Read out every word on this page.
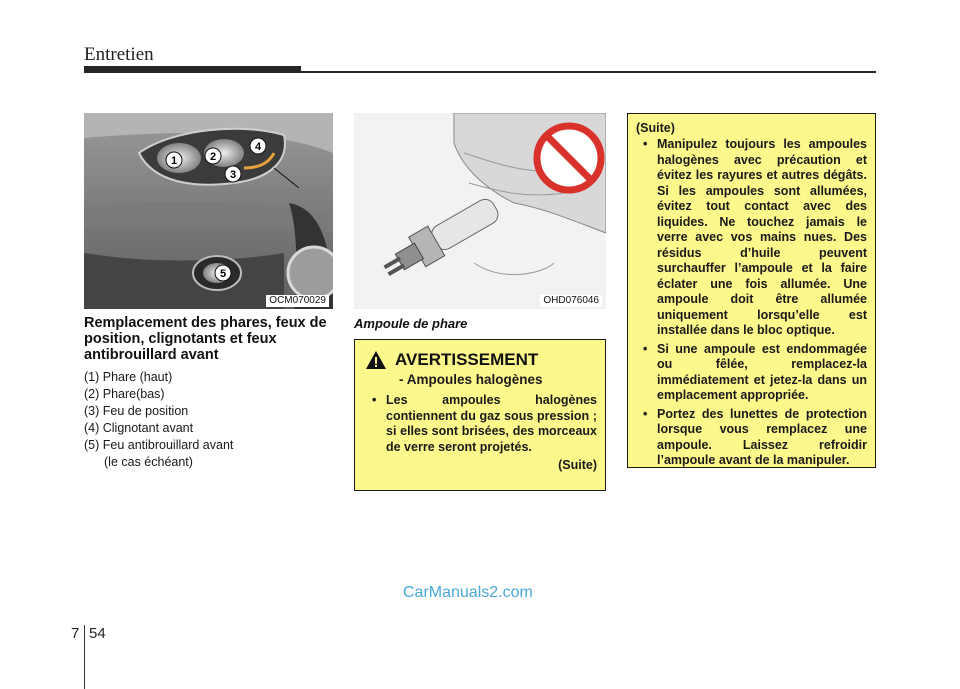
Entretien
1	2
3
4
5
OCM070029	OHD076046
Remplacement des phares, feux de position, clignotants et feux antibrouillard avant
(1) Phare (haut)
(2) Phare(bas)
(3) Feu de position
(4) Clignotant avant
(5) Feu antibrouillard avant
(le cas échéant)
Ampoule de phare
AVERTISSEMENT
- Ampoules halogènes
• Les ampoules halogènes contiennent du gaz sous pression ; si elles sont brisées, des morceaux de verre seront projetés.
(Suite)
(Suite)
• Manipulez toujours les ampoules halogènes avec précaution et évitez les rayures et autres dégâts. Si les ampoules sont allumées, évitez tout contact avec des liquides. Ne touchez jamais le verre avec vos mains nues. Des résidus d’huile peuvent surchauffer l’ampoule et la faire éclater une fois allumée. Une ampoule doit être allumée uniquement lorsqu’elle est installée dans le bloc optique.
• Si une ampoule est endommagée ou fêlée, remplacez-la immédiatement et jetez-la dans un emplacement appropriée.
• Portez des lunettes de protection lorsque vous remplacez une ampoule. Laissez refroidir l’ampoule avant de la manipuler.
CarManuals2.com
7 54
